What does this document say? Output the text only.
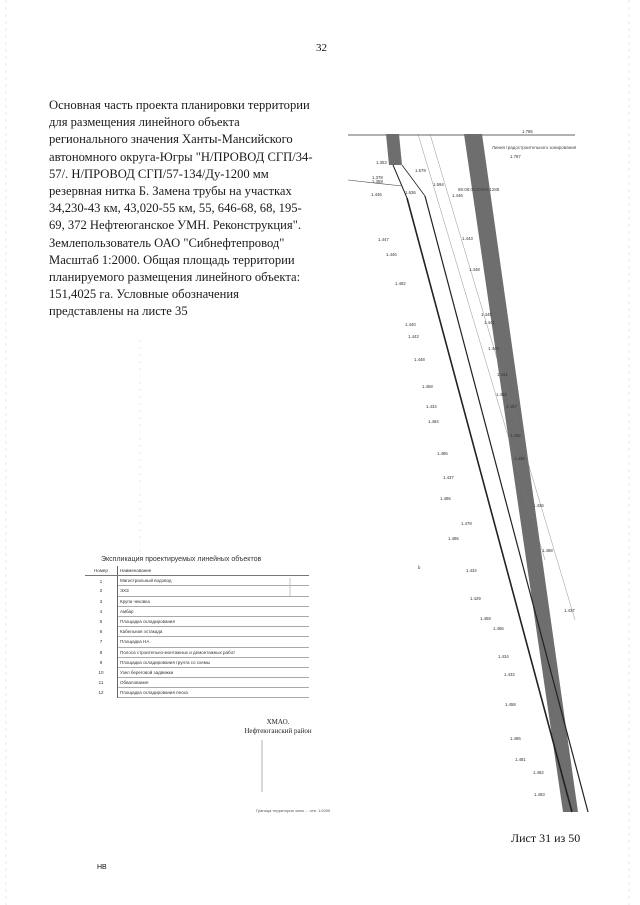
32
Основная часть проекта планировки территории
для размещения линейного объекта
регионального значения Ханты-Мансийского
автономного округа-Югры "Н/ПРОВОД СГП/34-
57/. Н/ПРОВОД СГП/57-134/Ду-1200 мм
резервная нитка Б. Замена трубы на участках
34,230-43 км, 43,020-55 км, 55, 646-68, 68, 195-
69, 372 Нефтеюганское УМН. Реконструкция".
Землепользователь ОАО "Сибнефтепровод"
Масштаб 1:2000. Общая площадь территории
планируемого размещения линейного объекта:
151,4025 га. Условные обозначения
представлены на листе 35
Линия градостроительного зонирования
86:08:0020902:1288
1.785
1.353
1.378
1.787
1.359
1.579
1.594
1.636
1.445	1.446
1.447	1.443
1.446
1.448
1.482
1.449
1.440	1.441
1.443
1.440
1.448
1.441
1.458
1.453
1.457
1.434
1.435
1.486
1.438
1.437
1.436
1.478
1.488
1.434
1.437
1.456
1.434
1.432
1.458
1.486
1.481
1.482
1.483
1.484
1.486
1.486
1.429
1.458
b
Экспликация проектируемых линейных объектов
Номер	Наименование
1	Магистральный водовод
2	ЭХЗ
3	Крупа чековка
4	Амбар
5	Площадка складирования
6	Кабельная эстакада
7	Площадка НА
8	Полоса строительно-монтажных и демонтажных работ
9	Площадка складирования грунта со схемы
10	Узел береговой задвижки
11	Обвалование
12	Площадка складирования песка
ХМАО.
Нефтеюганский район
Граница территории зоны ... отв. 1:2000
Лист 31 из 50
НВ
